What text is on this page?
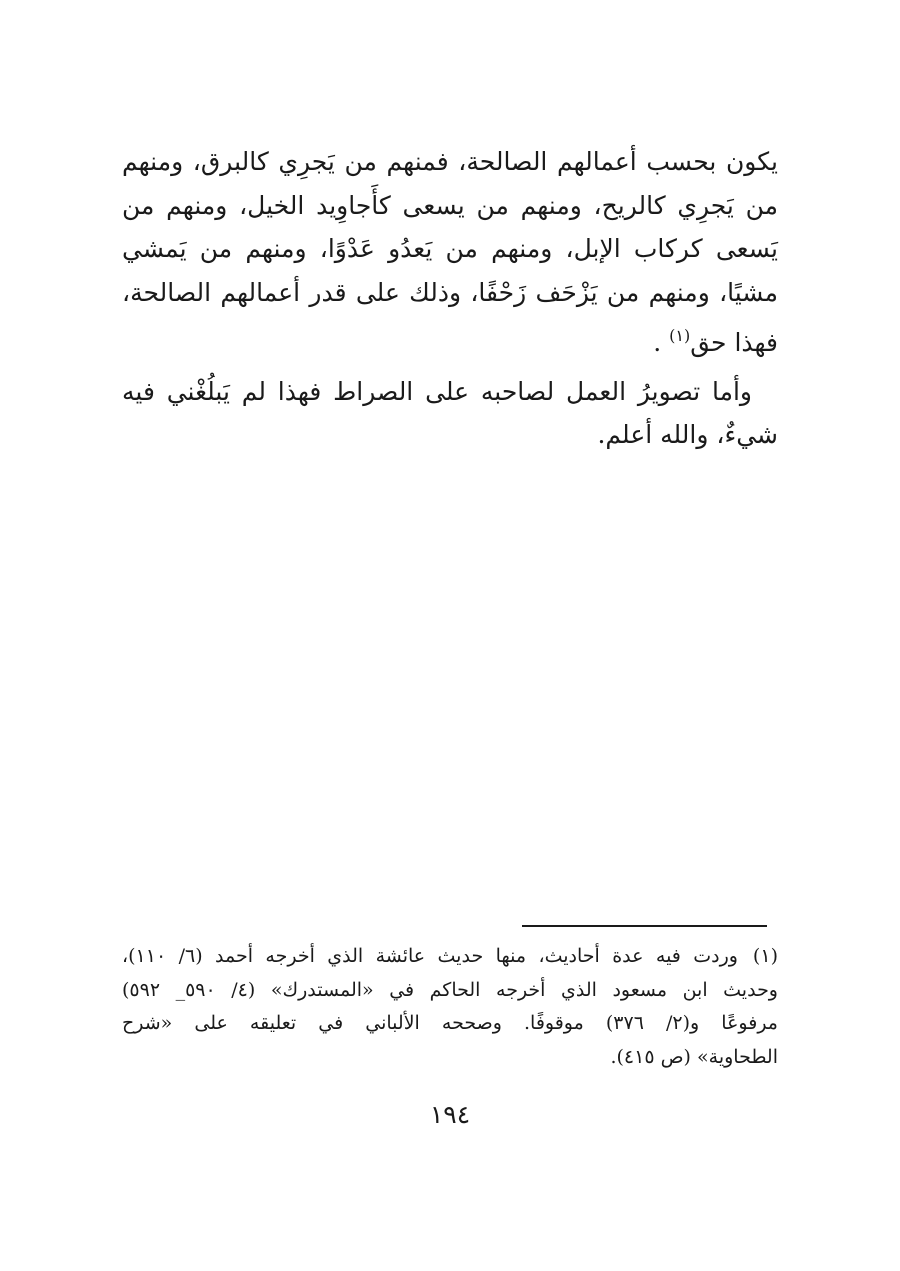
يكون بحسب أعمالهم الصالحة، فمنهم من يَجرِي كالبرق، ومنهم
من يَجرِي كالريح، ومنهم من يسعى كأَجاوِيد الخيل، ومنهم من
يَسعى كركاب الإبل، ومنهم من يَعدُو عَدْوًا، ومنهم من يَمشي
مشيًا، ومنهم من يَزْحَف زَحْفًا، وذلك على قدر أعمالهم الصالحة،
فهذا حق$^{(١)}$ .
وأما تصويرُ العمل لصاحبه على الصراط فهذا لم يَبلُغْني فيه
شيءٌ، والله أعلم.
(١)وردت فيه عدة أحاديث، منها حديث عائشة الذي أخرجه أحمد (٦/ ١١٠)،
وحديث ابن مسعود الذي أخرجه الحاكم في «المستدرك» (٤/ ٥٩٠_ ٥٩٢)
مرفوعًا و(٢/ ٣٧٦) موقوفًا. وصححه الألباني في تعليقه على «شرح
الطحاوية» (ص ٤١٥).
١٩٤
